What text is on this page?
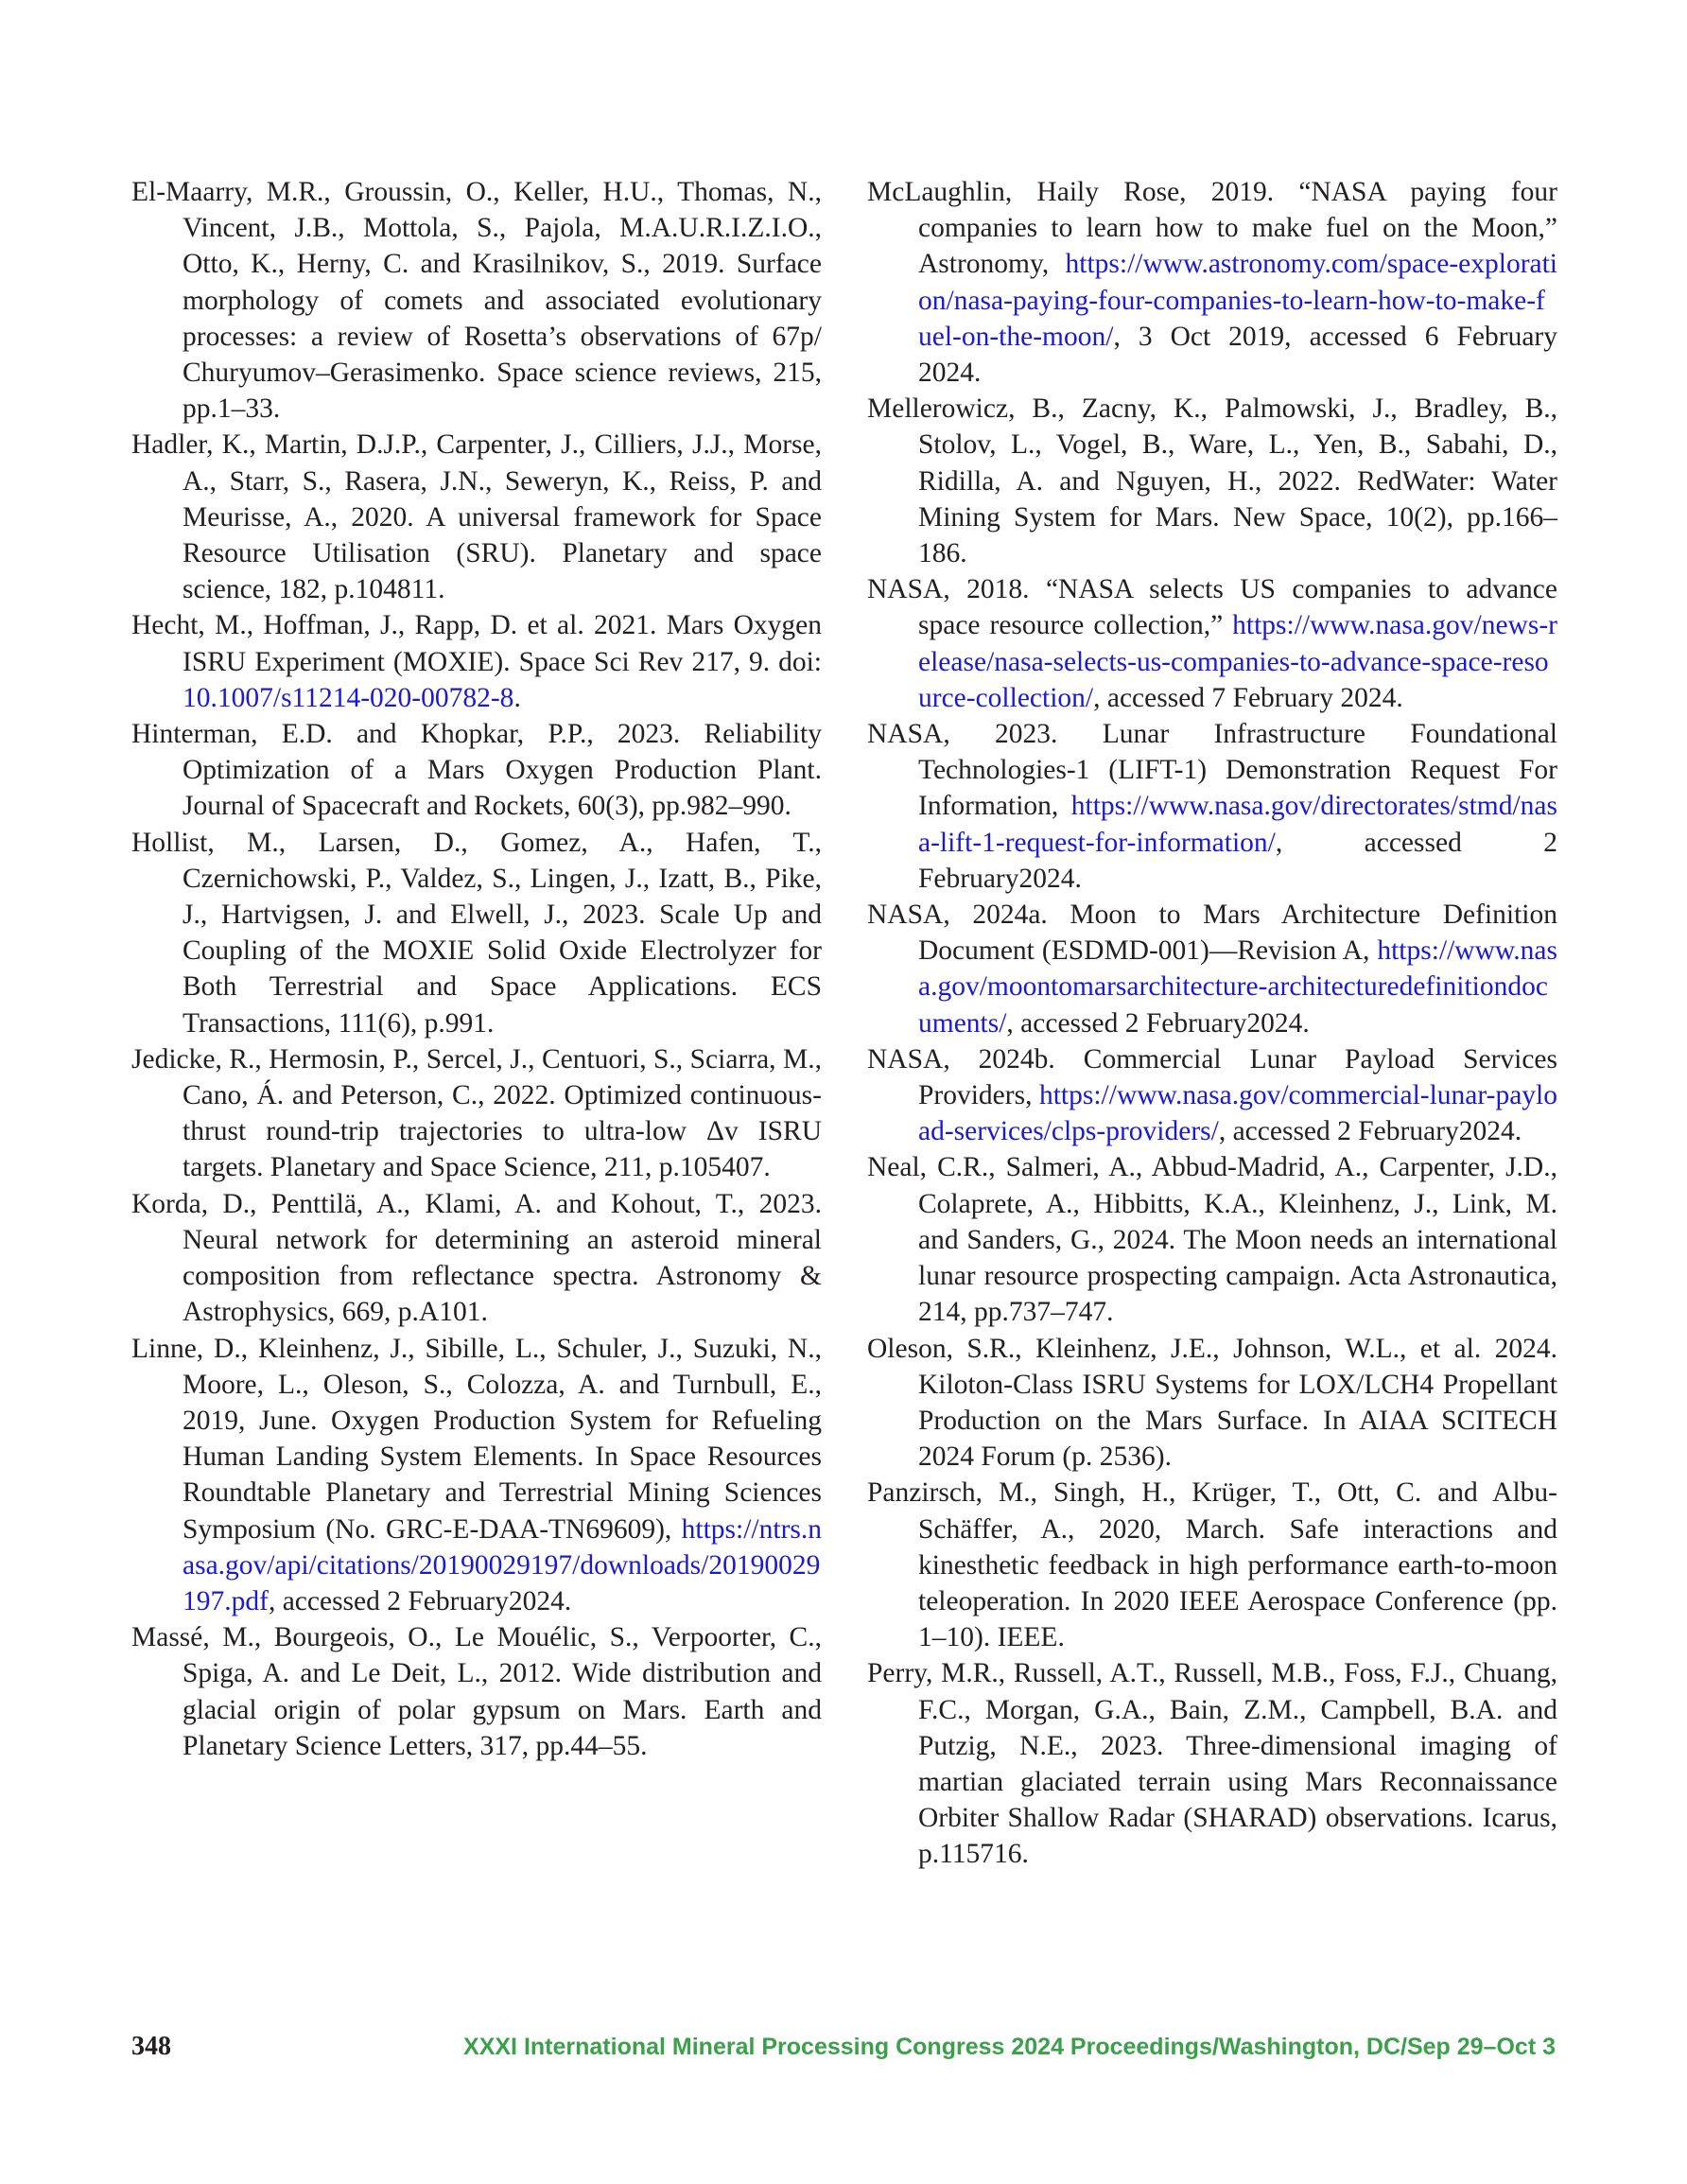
El-Maarry, M.R., Groussin, O., Keller, H.U., Thomas, N., Vincent, J.B., Mottola, S., Pajola, M.A.U.R.I.Z.I.O., Otto, K., Herny, C. and Krasilnikov, S., 2019. Surface morphology of comets and associated evolutionary processes: a review of Rosetta’s observations of 67p/ Churyumov–Gerasimenko. Space science reviews, 215, pp.1–33.

Hadler, K., Martin, D.J.P., Carpenter, J., Cilliers, J.J., Morse, A., Starr, S., Rasera, J.N., Seweryn, K., Reiss, P. and Meurisse, A., 2020. A universal framework for Space Resource Utilisation (SRU). Planetary and space science, 182, p.104811.

Hecht, M., Hoffman, J., Rapp, D. et al. 2021. Mars Oxygen ISRU Experiment (MOXIE). Space Sci Rev 217, 9. doi: 10.1007/s11214-020-00782-8.

Hinterman, E.D. and Khopkar, P.P., 2023. Reliability Optimization of a Mars Oxygen Production Plant. Journal of Spacecraft and Rockets, 60(3), pp.982–990.

Hollist, M., Larsen, D., Gomez, A., Hafen, T., Czernichowski, P., Valdez, S., Lingen, J., Izatt, B., Pike, J., Hartvigsen, J. and Elwell, J., 2023. Scale Up and Coupling of the MOXIE Solid Oxide Electrolyzer for Both Terrestrial and Space Applications. ECS Transactions, 111(6), p.991.

Jedicke, R., Hermosin, P., Sercel, J., Centuori, S., Sciarra, M., Cano, Á. and Peterson, C., 2022. Optimized continuous-thrust round-trip trajectories to ultra-low Δv ISRU targets. Planetary and Space Science, 211, p.105407.

Korda, D., Penttilä, A., Klami, A. and Kohout, T., 2023. Neural network for determining an asteroid mineral composition from reflectance spectra. Astronomy & Astrophysics, 669, p.A101.

Linne, D., Kleinhenz, J., Sibille, L., Schuler, J., Suzuki, N., Moore, L., Oleson, S., Colozza, A. and Turnbull, E., 2019, June. Oxygen Production System for Refueling Human Landing System Elements. In Space Resources Roundtable Planetary and Terrestrial Mining Sciences Symposium (No. GRC-E-DAA-TN69609), https://ntrs.nasa.gov/api/citations/20190029197/downloads/20190029197.pdf, accessed 2 February2024.

Massé, M., Bourgeois, O., Le Mouélic, S., Verpoorter, C., Spiga, A. and Le Deit, L., 2012. Wide distribution and glacial origin of polar gypsum on Mars. Earth and Planetary Science Letters, 317, pp.44–55.

McLaughlin, Haily Rose, 2019. “NASA paying four companies to learn how to make fuel on the Moon,” Astronomy, https://www.astronomy.com/space-exploration/nasa-paying-four-companies-to-learn-how-to-make-fuel-on-the-moon/, 3 Oct 2019, accessed 6 February 2024.

Mellerowicz, B., Zacny, K., Palmowski, J., Bradley, B., Stolov, L., Vogel, B., Ware, L., Yen, B., Sabahi, D., Ridilla, A. and Nguyen, H., 2022. RedWater: Water Mining System for Mars. New Space, 10(2), pp.166–186.

NASA, 2018. “NASA selects US companies to advance space resource collection,” https://www.nasa.gov/news-release/nasa-selects-us-companies-to-advance-space-resource-collection/, accessed 7 February 2024.

NASA, 2023. Lunar Infrastructure Foundational Technologies-1 (LIFT-1) Demonstration Request For Information, https://www.nasa.gov/directorates/stmd/nasa-lift-1-request-for-information/, accessed 2 February2024.

NASA, 2024a. Moon to Mars Architecture Definition Document (ESDMD-001)—Revision A, https://www.nasa.gov/moontomarsarchitecture-architecturedefinitiondocuments/, accessed 2 February2024.

NASA, 2024b. Commercial Lunar Payload Services Providers, https://www.nasa.gov/commercial-lunar-payload-services/clps-providers/, accessed 2 February2024.

Neal, C.R., Salmeri, A., Abbud-Madrid, A., Carpenter, J.D., Colaprete, A., Hibbitts, K.A., Kleinhenz, J., Link, M. and Sanders, G., 2024. The Moon needs an international lunar resource prospecting campaign. Acta Astronautica, 214, pp.737–747.

Oleson, S.R., Kleinhenz, J.E., Johnson, W.L., et al. 2024. Kiloton-Class ISRU Systems for LOX/LCH4 Propellant Production on the Mars Surface. In AIAA SCITECH 2024 Forum (p. 2536).

Panzirsch, M., Singh, H., Krüger, T., Ott, C. and Albu-Schäffer, A., 2020, March. Safe interactions and kinesthetic feedback in high performance earth-to-moon teleoperation. In 2020 IEEE Aerospace Conference (pp. 1–10). IEEE.

Perry, M.R., Russell, A.T., Russell, M.B., Foss, F.J., Chuang, F.C., Morgan, G.A., Bain, Z.M., Campbell, B.A. and Putzig, N.E., 2023. Three-dimensional imaging of martian glaciated terrain using Mars Reconnaissance Orbiter Shallow Radar (SHARAD) observations. Icarus, p.115716.

348	XXXI International Mineral Processing Congress 2024 Proceedings/Washington, DC/Sep 29–Oct 3
